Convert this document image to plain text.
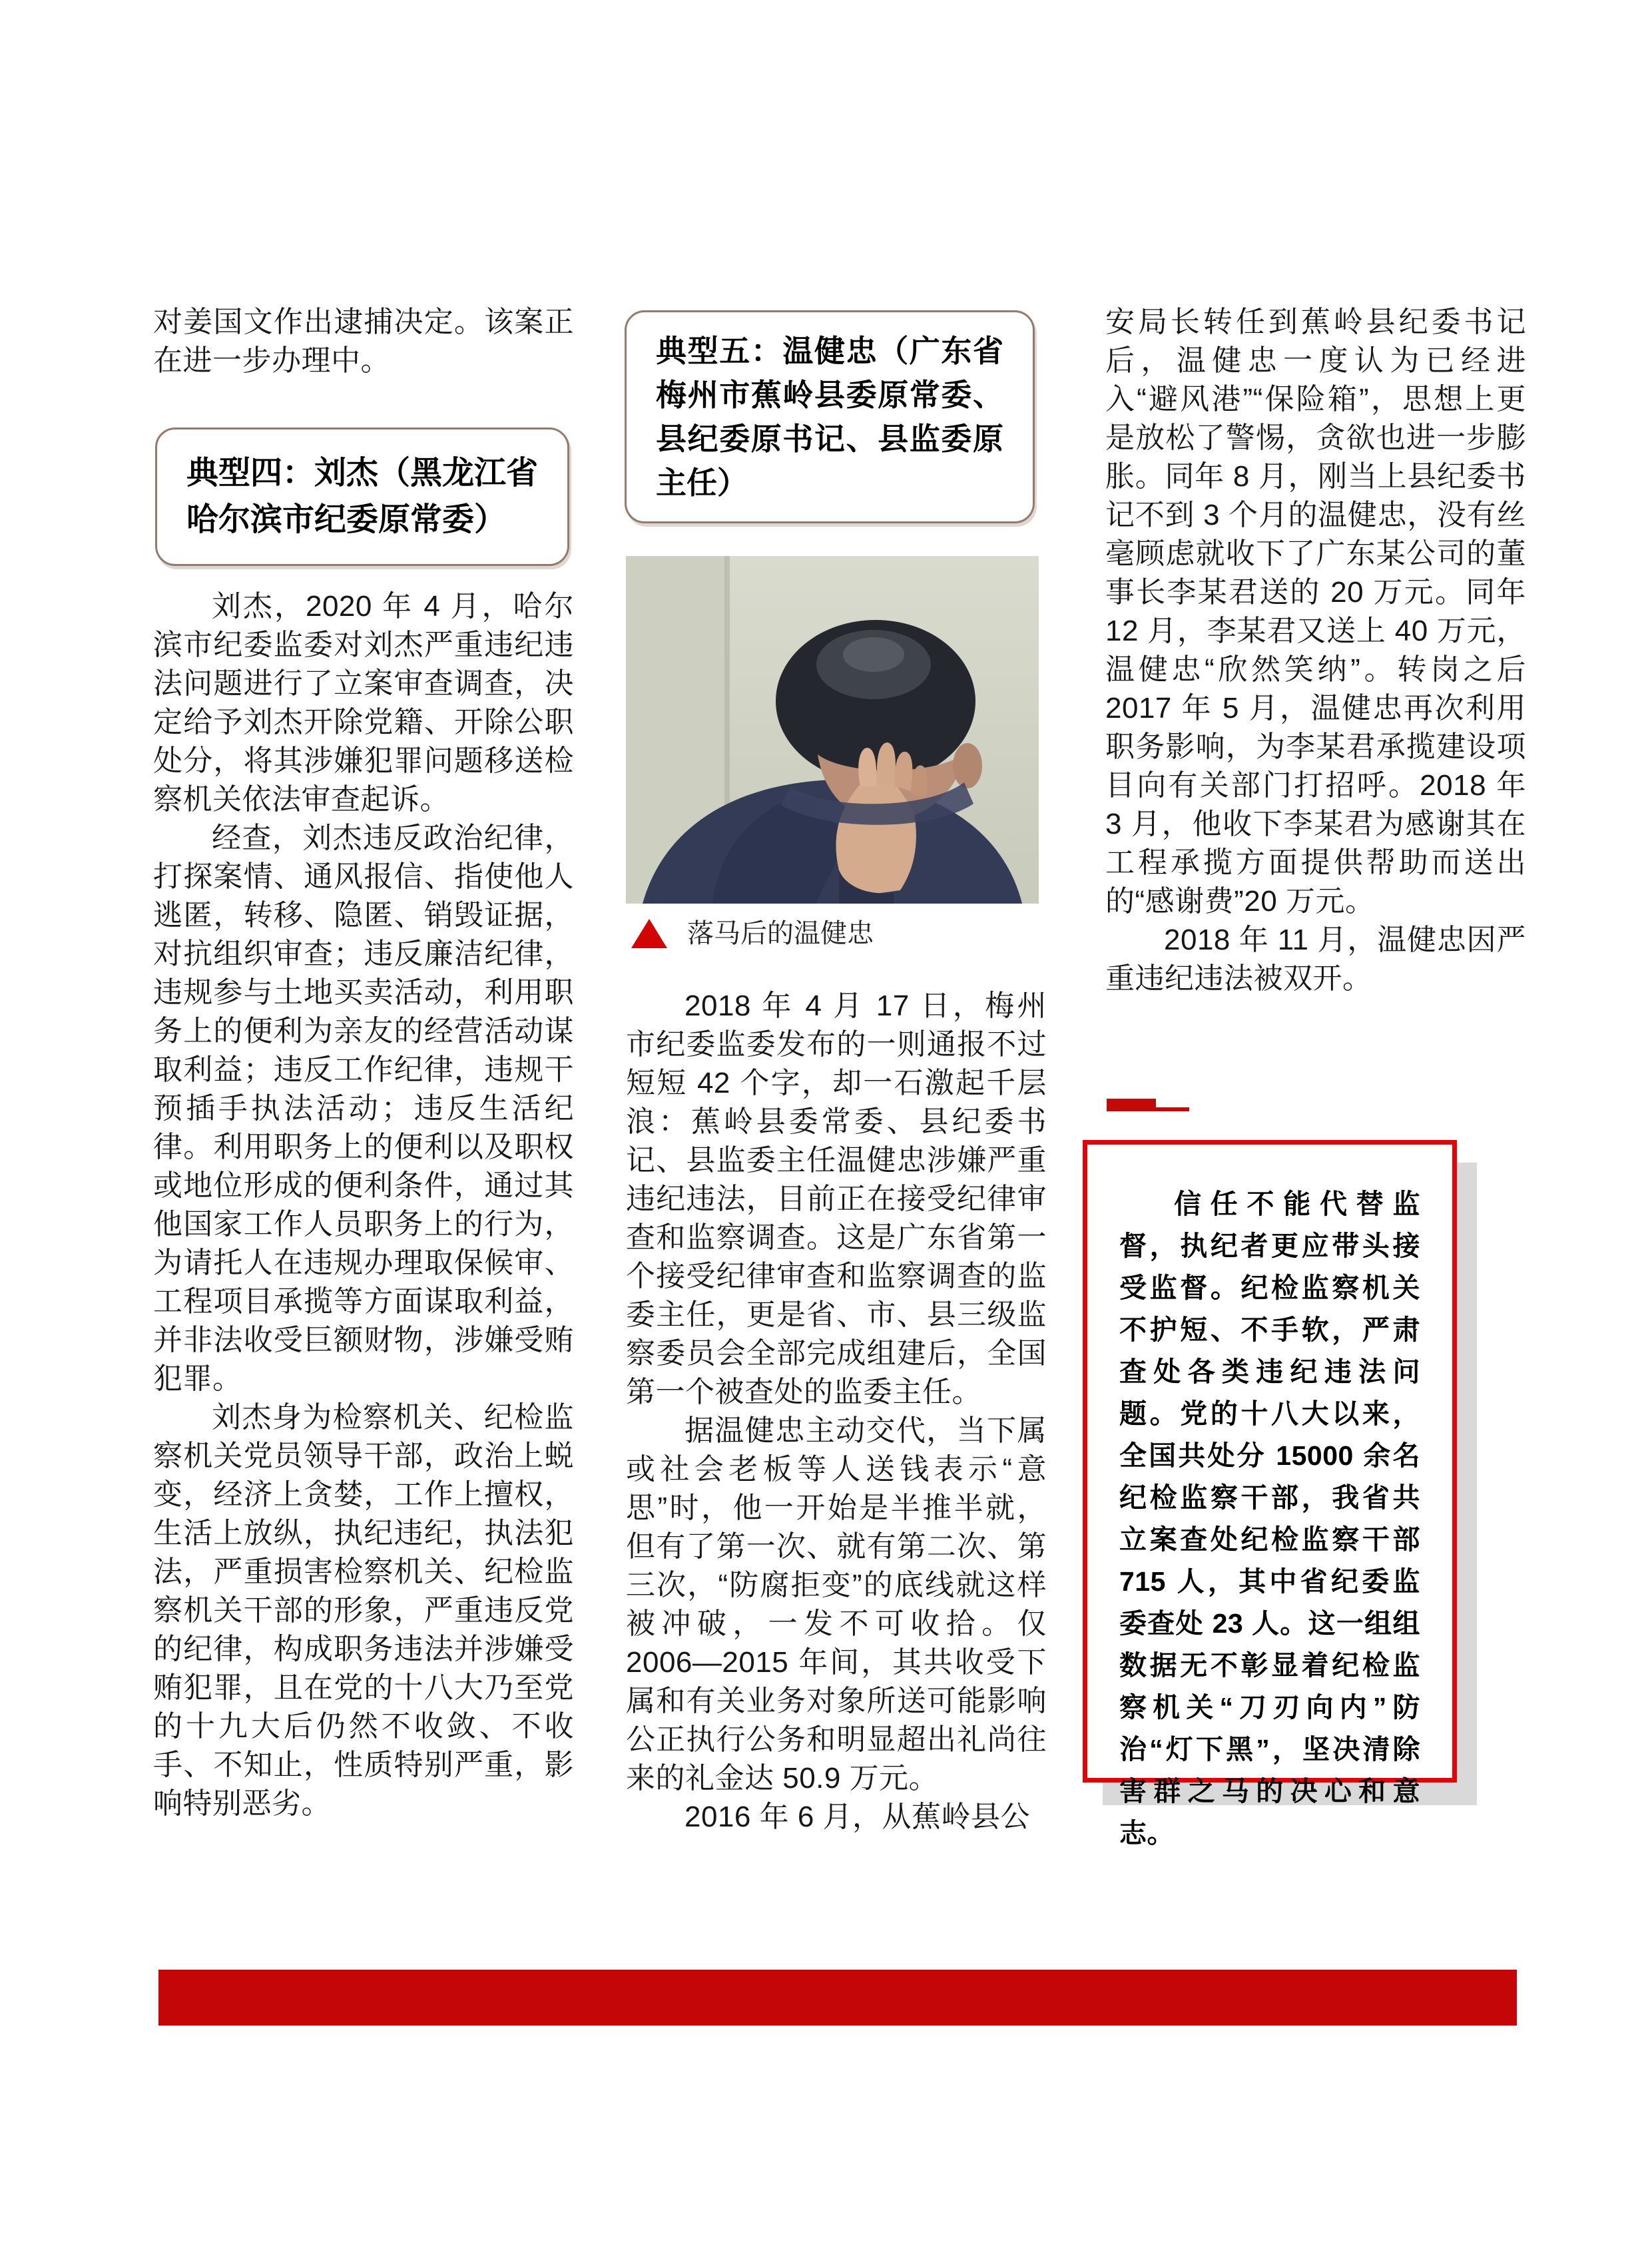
对姜国文作出逮捕决定。该案正在进一步办理中。

典型四：刘杰（黑龙江省哈尔滨市纪委原常委）

刘杰，2020 年 4 月，哈尔滨市纪委监委对刘杰严重违纪违法问题进行了立案审查调查，决定给予刘杰开除党籍、开除公职处分，将其涉嫌犯罪问题移送检察机关依法审查起诉。

经查，刘杰违反政治纪律，打探案情、通风报信、指使他人逃匿，转移、隐匿、销毁证据，对抗组织审查；违反廉洁纪律，违规参与土地买卖活动，利用职务上的便利为亲友的经营活动谋取利益；违反工作纪律，违规干预插手执法活动；违反生活纪律。利用职务上的便利以及职权或地位形成的便利条件，通过其他国家工作人员职务上的行为，为请托人在违规办理取保候审、工程项目承揽等方面谋取利益，并非法收受巨额财物，涉嫌受贿犯罪。

刘杰身为检察机关、纪检监察机关党员领导干部，政治上蜕变，经济上贪婪，工作上擅权，生活上放纵，执纪违纪，执法犯法，严重损害检察机关、纪检监察机关干部的形象，严重违反党的纪律，构成职务违法并涉嫌受贿犯罪，且在党的十八大乃至党的十九大后仍然不收敛、不收手、不知止，性质特别严重，影响特别恶劣。

典型五：温健忠（广东省梅州市蕉岭县委原常委、县纪委原书记、县监委原主任）
落马后的温健忠

2018 年 4 月 17 日，梅州市纪委监委发布的一则通报不过短短 42 个字，却一石激起千层浪：蕉岭县委常委、县纪委书记、县监委主任温健忠涉嫌严重违纪违法，目前正在接受纪律审查和监察调查。这是广东省第一个接受纪律审查和监察调查的监委主任，更是省、市、县三级监察委员会全部完成组建后，全国第一个被查处的监委主任。

据温健忠主动交代，当下属或社会老板等人送钱表示“意思”时，他一开始是半推半就，但有了第一次、就有第二次、第三次，“防腐拒变”的底线就这样被冲破，一发不可收拾。仅 2006—2015 年间，其共收受下属和有关业务对象所送可能影响公正执行公务和明显超出礼尚往来的礼金达 50.9 万元。

2016 年 6 月，从蕉岭县公

安局长转任到蕉岭县纪委书记后，温健忠一度认为已经进入“避风港”“保险箱”，思想上更是放松了警惕，贪欲也进一步膨胀。同年 8 月，刚当上县纪委书记不到 3 个月的温健忠，没有丝毫顾虑就收下了广东某公司的董事长李某君送的 20 万元。同年 12 月，李某君又送上 40 万元，温健忠“欣然笑纳”。转岗之后 2017 年 5 月，温健忠再次利用职务影响，为李某君承揽建设项目向有关部门打招呼。2018 年 3 月，他收下李某君为感谢其在工程承揽方面提供帮助而送出的“感谢费”20 万元。

2018 年 11 月，温健忠因严重违纪违法被双开。

信任不能代替监督，执纪者更应带头接受监督。纪检监察机关不护短、不手软，严肃查处各类违纪违法问题。党的十八大以来，全国共处分 15000 余名纪检监察干部，我省共立案查处纪检监察干部 715 人，其中省纪委监委查处 23 人。这一组组数据无不彰显着纪检监察机关“刀刃向内”防治“灯下黑”，坚决清除害群之马的决心和意志。
